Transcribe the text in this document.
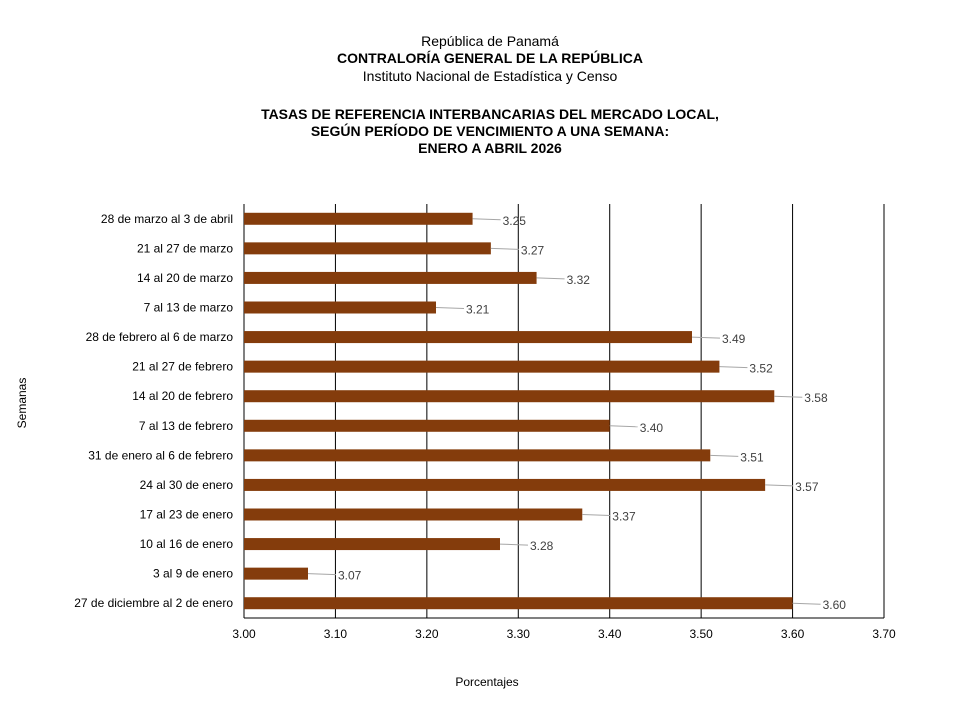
República de Panamá
CONTRALORÍA GENERAL DE LA REPÚBLICA
Instituto Nacional de Estadística y Censo
TASAS DE REFERENCIA INTERBANCARIAS DEL MERCADO LOCAL,
SEGÚN PERÍODO DE VENCIMIENTO A UNA SEMANA:
ENERO A ABRIL 2026
3.25
3.27
3.32
3.21
3.49
3.52
3.58
3.40
3.51
3.57
3.37
3.28
3.07
3.60
28 de marzo al 3 de abril
21 al 27 de marzo
14 al 20 de marzo
7 al 13 de marzo
28 de febrero al 6 de marzo
21 al 27 de febrero
14 al 20 de febrero
7 al 13 de febrero
31 de enero al 6 de febrero
24 al 30 de enero
17 al 23 de enero
10 al 16 de enero
3 al 9 de enero
27 de diciembre al 2 de enero
3.00	3.10	3.20	3.30	3.40	3.50	3.60	3.70
Porcentajes
Semanas
